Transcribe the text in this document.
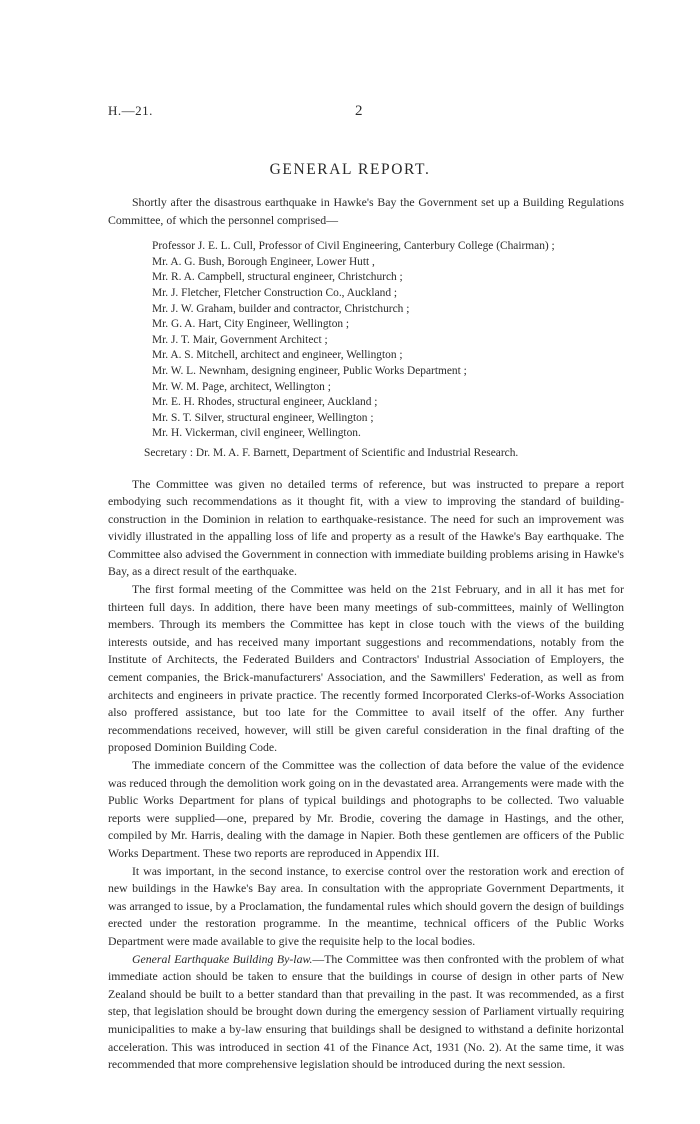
H.—21.	2
GENERAL REPORT.

Shortly after the disastrous earthquake in Hawke's Bay the Government set up a Building Regulations Committee, of which the personnel comprised—

Professor J. E. L. Cull, Professor of Civil Engineering, Canterbury College (Chairman) ;
Mr. A. G. Bush, Borough Engineer, Lower Hutt ,
Mr. R. A. Campbell, structural engineer, Christchurch ;
Mr. J. Fletcher, Fletcher Construction Co., Auckland ;
Mr. J. W. Graham, builder and contractor, Christchurch ;
Mr. G. A. Hart, City Engineer, Wellington ;
Mr. J. T. Mair, Government Architect ;
Mr. A. S. Mitchell, architect and engineer, Wellington ;
Mr. W. L. Newnham, designing engineer, Public Works Department ;
Mr. W. M. Page, architect, Wellington ;
Mr. E. H. Rhodes, structural engineer, Auckland ;
Mr. S. T. Silver, structural engineer, Wellington ;
Mr. H. Vickerman, civil engineer, Wellington.
Secretary : Dr. M. A. F. Barnett, Department of Scientific and Industrial Research.

The Committee was given no detailed terms of reference, but was instructed to prepare a report embodying such recommendations as it thought fit, with a view to improving the standard of building-construction in the Dominion in relation to earthquake-resistance. The need for such an improvement was vividly illustrated in the appalling loss of life and property as a result of the Hawke's Bay earthquake. The Committee also advised the Government in connection with immediate building problems arising in Hawke's Bay, as a direct result of the earthquake.

The first formal meeting of the Committee was held on the 21st February, and in all it has met for thirteen full days. In addition, there have been many meetings of sub-committees, mainly of Wellington members. Through its members the Committee has kept in close touch with the views of the building interests outside, and has received many important suggestions and recommendations, notably from the Institute of Architects, the Federated Builders and Contractors' Industrial Association of Employers, the cement companies, the Brick-manufacturers' Association, and the Sawmillers' Federation, as well as from architects and engineers in private practice. The recently formed Incorporated Clerks-of-Works Association also proffered assistance, but too late for the Committee to avail itself of the offer. Any further recommendations received, however, will still be given careful consideration in the final drafting of the proposed Dominion Building Code.

The immediate concern of the Committee was the collection of data before the value of the evidence was reduced through the demolition work going on in the devastated area. Arrangements were made with the Public Works Department for plans of typical buildings and photographs to be collected. Two valuable reports were supplied—one, prepared by Mr. Brodie, covering the damage in Hastings, and the other, compiled by Mr. Harris, dealing with the damage in Napier. Both these gentlemen are officers of the Public Works Department. These two reports are reproduced in Appendix III.

It was important, in the second instance, to exercise control over the restoration work and erection of new buildings in the Hawke's Bay area. In consultation with the appropriate Government Departments, it was arranged to issue, by a Proclamation, the fundamental rules which should govern the design of buildings erected under the restoration programme. In the meantime, technical officers of the Public Works Department were made available to give the requisite help to the local bodies.

General Earthquake Building By-law.—The Committee was then confronted with the problem of what immediate action should be taken to ensure that the buildings in course of design in other parts of New Zealand should be built to a better standard than that prevailing in the past. It was recommended, as a first step, that legislation should be brought down during the emergency session of Parliament virtually requiring municipalities to make a by-law ensuring that buildings shall be designed to withstand a definite horizontal acceleration. This was introduced in section 41 of the Finance Act, 1931 (No. 2). At the same time, it was recommended that more comprehensive legislation should be introduced during the next session.
